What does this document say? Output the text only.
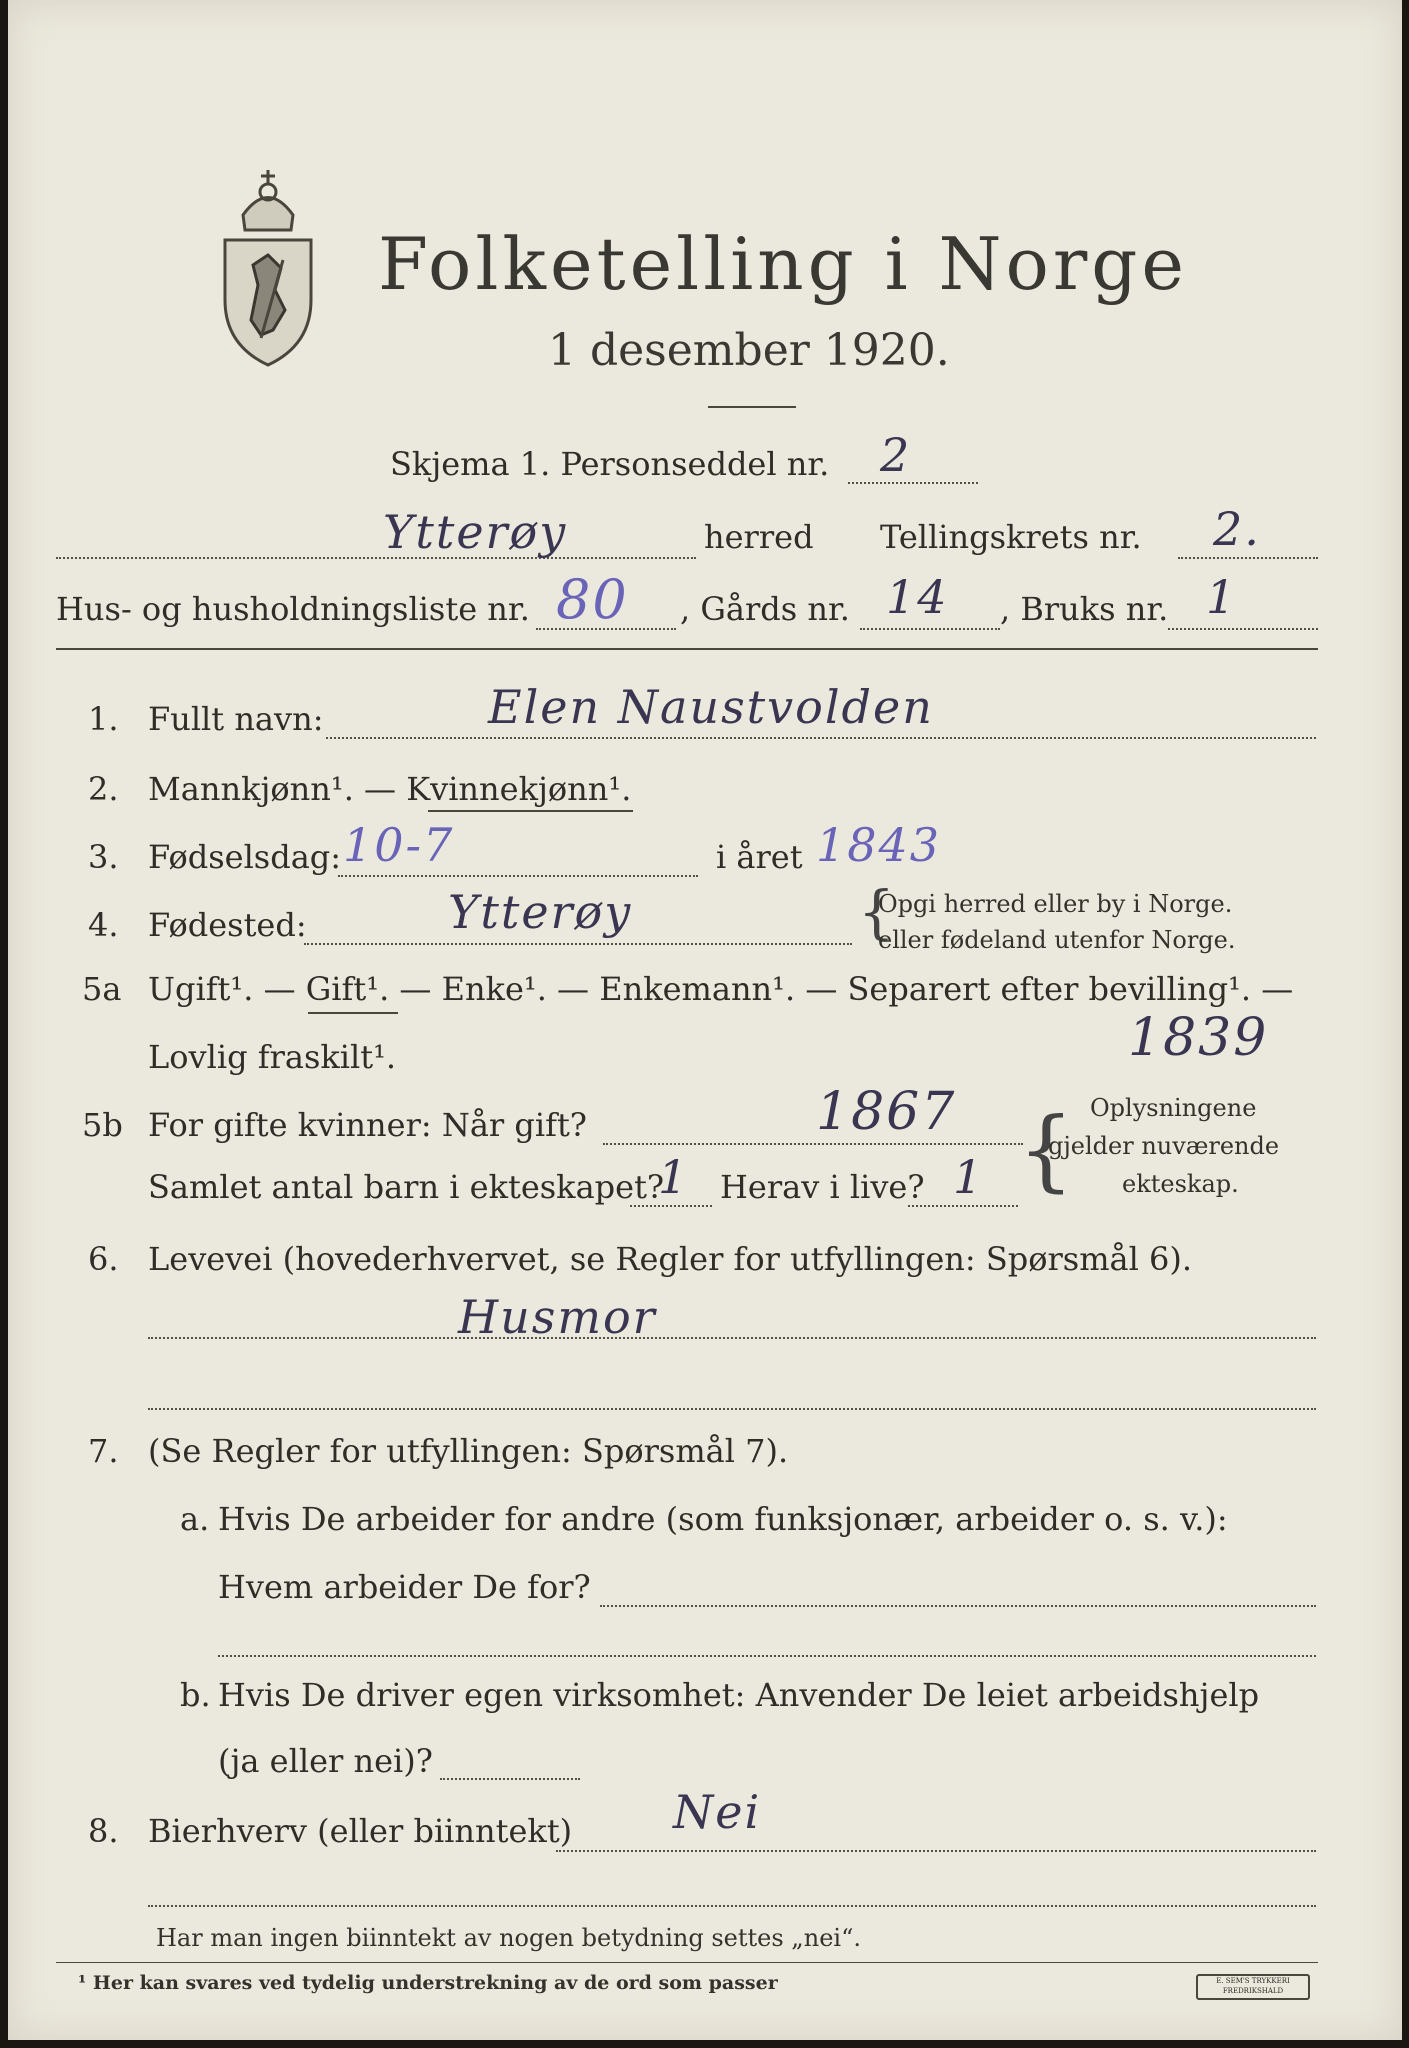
Folketelling i Norge
1 desember 1920.
Skjema 1. Personseddel nr. 2
Ytterøy	herred Tellingskrets nr. 2.
Hus- og husholdningsliste nr. 80 , Gårds nr. 14 , Bruks nr. 1
1. Fullt navn:	Elen Naustvolden
2. Mannkjønn¹. — Kvinnekjønn¹.
3. Fødselsdag: 10-7	i året 1843
4. Fødested:	Ytterøy	{
Opgi herred eller by i Norge.
eller fødeland utenfor Norge.
5a Ugift¹. — Gift¹. — Enke¹. — Enkemann¹. — Separert efter bevilling¹. —
1839
Lovlig fraskilt¹.
5b For gifte kvinner: Når gift?	1867
Samlet antal barn i ekteskapet?
1 Herav i live? 1 { Oplysningene
gjelder nuværende
ekteskap.
6. Levevei (hovederhvervet, se Regler for utfyllingen: Spørsmål 6).
Husmor
7. (Se Regler for utfyllingen: Spørsmål 7).
a. Hvis De arbeider for andre (som funksjonær, arbeider o. s. v.):
Hvem arbeider De for?
b. Hvis De driver egen virksomhet: Anvender De leiet arbeidshjelp
(ja eller nei)?
8. Bierhverv (eller biinntekt) Nei
Har man ingen biinntekt av nogen betydning settes „nei“.
¹ Her kan svares ved tydelig understrekning av de ord som passer	E. SEM'S TRYKKERI FREDRIKSHALD
